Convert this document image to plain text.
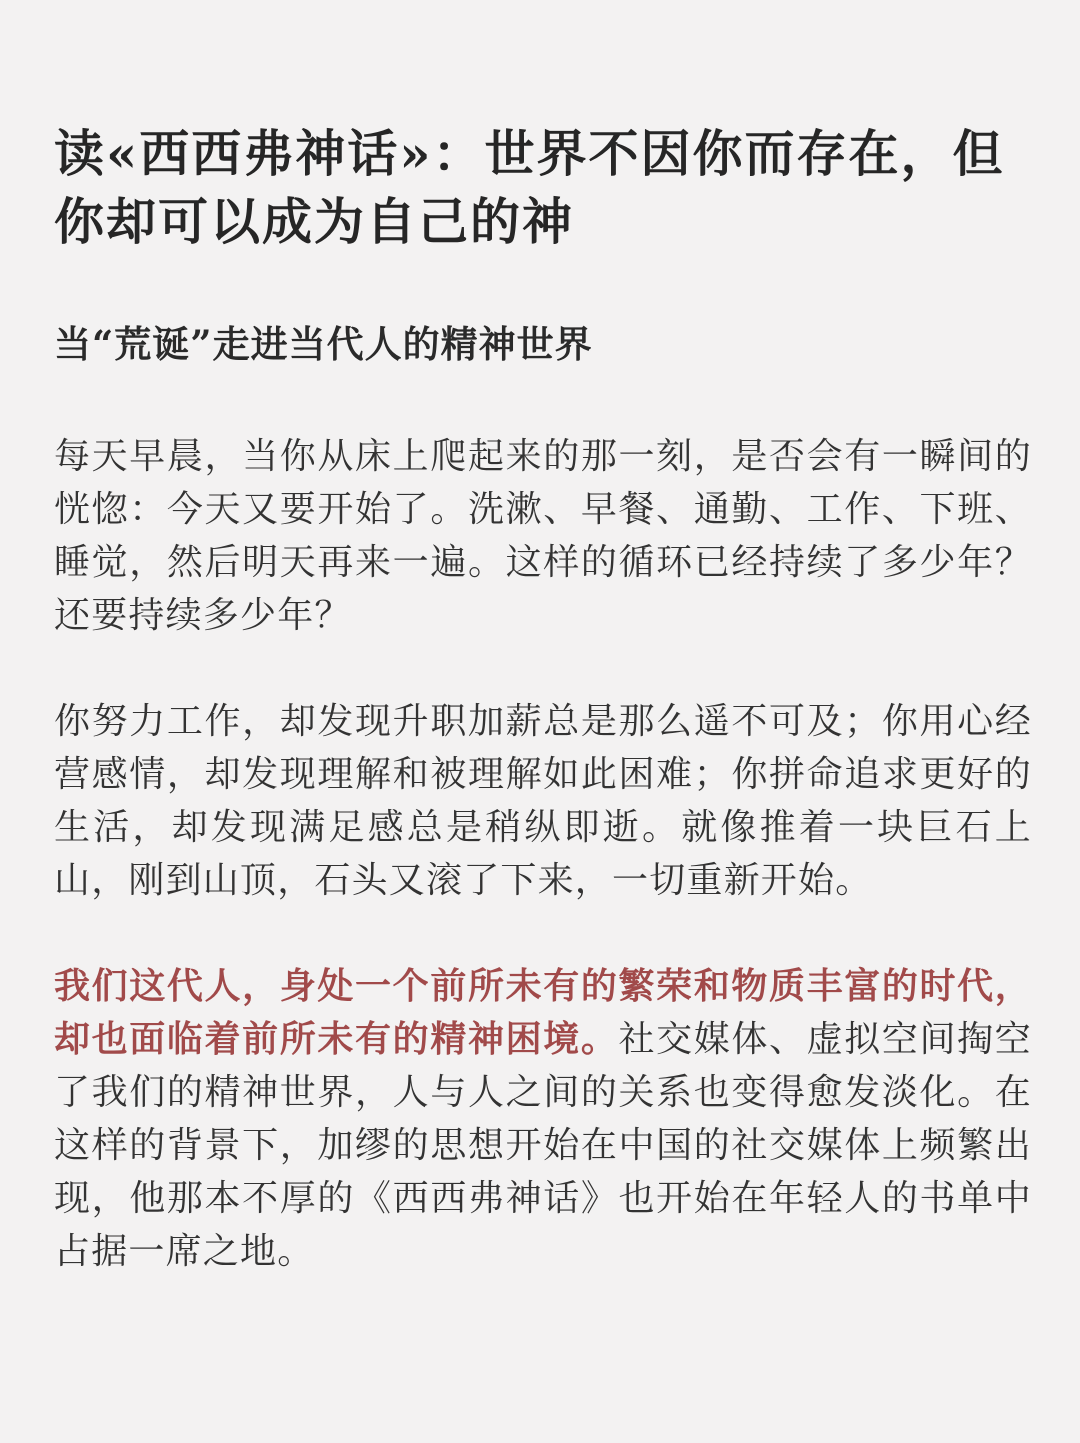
读«西西弗神话»：世界不因你而存在，但你却可以成为自己的神
当“荒诞”走进当代人的精神世界

每天早晨，当你从床上爬起来的那一刻，是否会有一瞬间的恍惚：今天又要开始了。洗漱、早餐、通勤、工作、下班、睡觉，然后明天再来一遍。这样的循环已经持续了多少年？还要持续多少年？

你努力工作，却发现升职加薪总是那么遥不可及；你用心经营感情，却发现理解和被理解如此困难；你拼命追求更好的生活，却发现满足感总是稍纵即逝。就像推着一块巨石上山，刚到山顶，石头又滚了下来，一切重新开始。

我们这代人，身处一个前所未有的繁荣和物质丰富的时代，却也面临着前所未有的精神困境。社交媒体、虚拟空间掏空了我们的精神世界，人与人之间的关系也变得愈发淡化。在这样的背景下，加缪的思想开始在中国的社交媒体上频繁出现，他那本不厚的《西西弗神话》也开始在年轻人的书单中占据一席之地。
